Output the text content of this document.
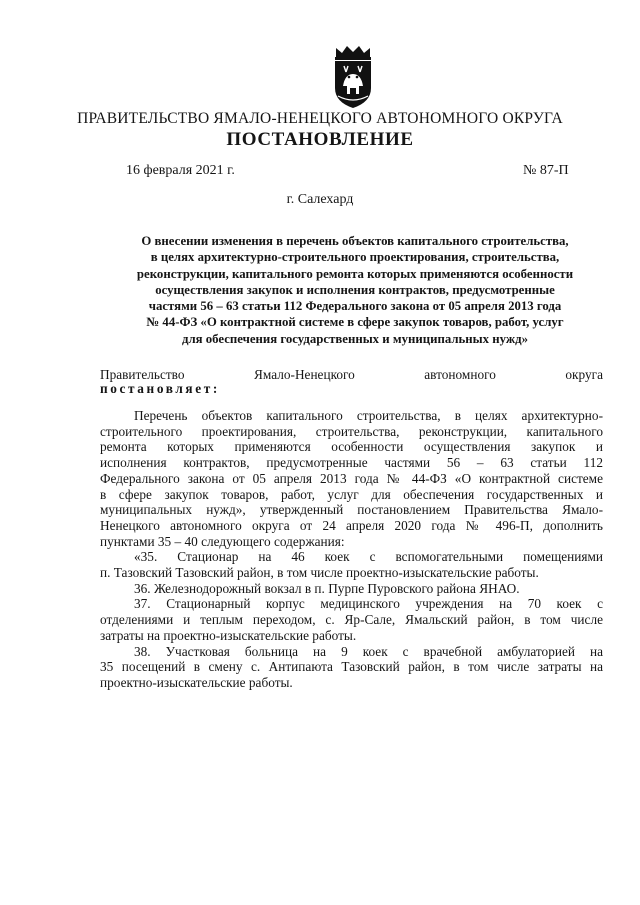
ПРАВИТЕЛЬСТВО ЯМАЛО-НЕНЕЦКОГО АВТОНОМНОГО ОКРУГА
ПОСТАНОВЛЕНИЕ
16 февраля 2021 г.	№ 87-П
г. Салехард
О внесении изменения в перечень объектов капитального строительства,
в целях архитектурно-строительного проектирования, строительства,
реконструкции, капитального ремонта которых применяются особенности
осуществления закупок и исполнения контрактов, предусмотренные
частями 56 – 63 статьи 112 Федерального закона от 05 апреля 2013 года
№ 44-ФЗ «О контрактной системе в сфере закупок товаров, работ, услуг
для обеспечения государственных и муниципальных нужд»
Правительство	Ямало-Ненецкого	автономного	округа
постановляет:
Перечень объектов капитального строительства, в целях архитектурно-
строительного проектирования, строительства, реконструкции, капитального
ремонта которых применяются особенности осуществления закупок и
исполнения контрактов, предусмотренные частями 56 – 63 статьи 112
Федерального закона от 05 апреля 2013 года № 44-ФЗ «О контрактной системе
в сфере закупок товаров, работ, услуг для обеспечения государственных и
муниципальных нужд», утвержденный постановлением Правительства Ямало-
Ненецкого автономного округа от 24 апреля 2020 года № 496-П, дополнить
пунктами 35 – 40 следующего содержания:
«35. Стационар на 46 коек с вспомогательными помещениями
п. Тазовский Тазовский район, в том числе проектно-изыскательские работы.
36. Железнодорожный вокзал в п. Пурпе Пуровского района ЯНАО.
37. Стационарный корпус медицинского учреждения на 70 коек с
отделениями и теплым переходом, с. Яр-Сале, Ямальский район, в том числе
затраты на проектно-изыскательские работы.
38. Участковая больница на 9 коек с врачебной амбулаторией на
35 посещений в смену с. Антипаюта Тазовский район, в том числе затраты на
проектно-изыскательские работы.
